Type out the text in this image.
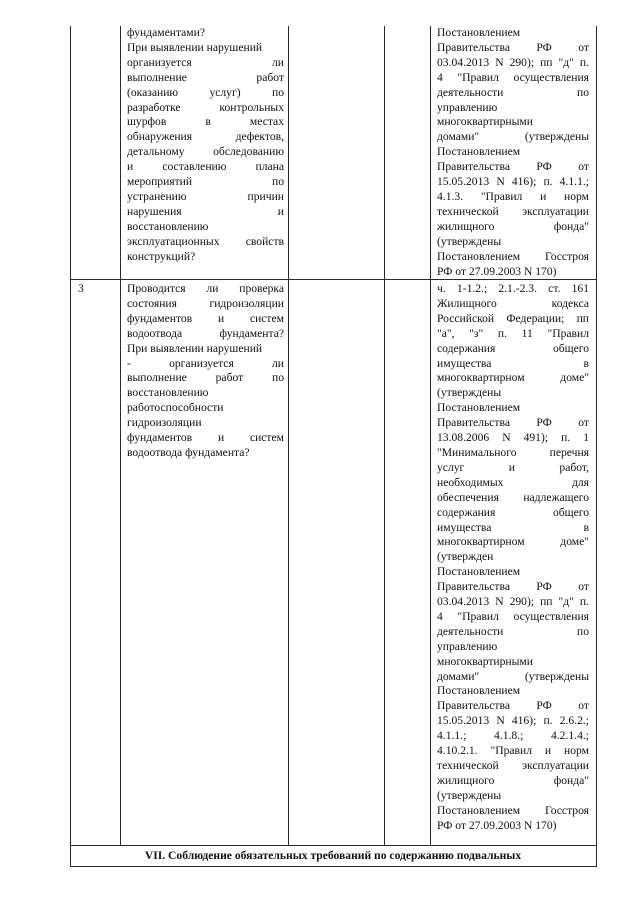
фундаментами?
При выявлении нарушений
организуется ли
выполнение работ
(оказанию услуг) по
разработке контрольных
шурфов в местах
обнаружения дефектов,
детальному обследованию
и составлению плана
мероприятий по
устранению причин
нарушения и
восстановлению
эксплуатационных свойств
конструкций?
Постановлением
Правительства РФ от
03.04.2013 N 290); пп "д" п.
4 "Правил осуществления
деятельности по
управлению
многоквартирными
домами" (утверждены
Постановлением
Правительства РФ от
15.05.2013 N 416); п. 4.1.1.;
4.1.3. "Правил и норм
технической эксплуатации
жилищного фонда"
(утверждены
Постановлением Госстроя
РФ от 27.09.2003 N 170)
3	Проводится ли проверка
состояния гидроизоляции
фундаментов и систем
водоотвода фундамента?
При выявлении нарушений
- организуется ли
выполнение работ по
восстановлению
работоспособности
гидроизоляции
фундаментов и систем
водоотвода фундамента?
ч. 1-1.2.; 2.1.-2.3. ст. 161
Жилищного кодекса
Российской Федерации; пп
"а", "з" п. 11 "Правил
содержания общего
имущества в
многоквартирном доме"
(утверждены
Постановлением
Правительства РФ от
13.08.2006 N 491); п. 1
"Минимального перечня
услуг и работ,
необходимых для
обеспечения надлежащего
содержания общего
имущества в
многоквартирном доме"
(утвержден
Постановлением
Правительства РФ от
03.04.2013 N 290); пп "д" п.
4 "Правил осуществления
деятельности по
управлению
многоквартирными
домами" (утверждены
Постановлением
Правительства РФ от
15.05.2013 N 416); п. 2.6.2.;
4.1.1.; 4.1.8.; 4.2.1.4.;
4.10.2.1. "Правил и норм
технической эксплуатации
жилищного фонда"
(утверждены
Постановлением Госстроя
РФ от 27.09.2003 N 170)
VII. Соблюдение обязательных требований по содержанию подвальных
